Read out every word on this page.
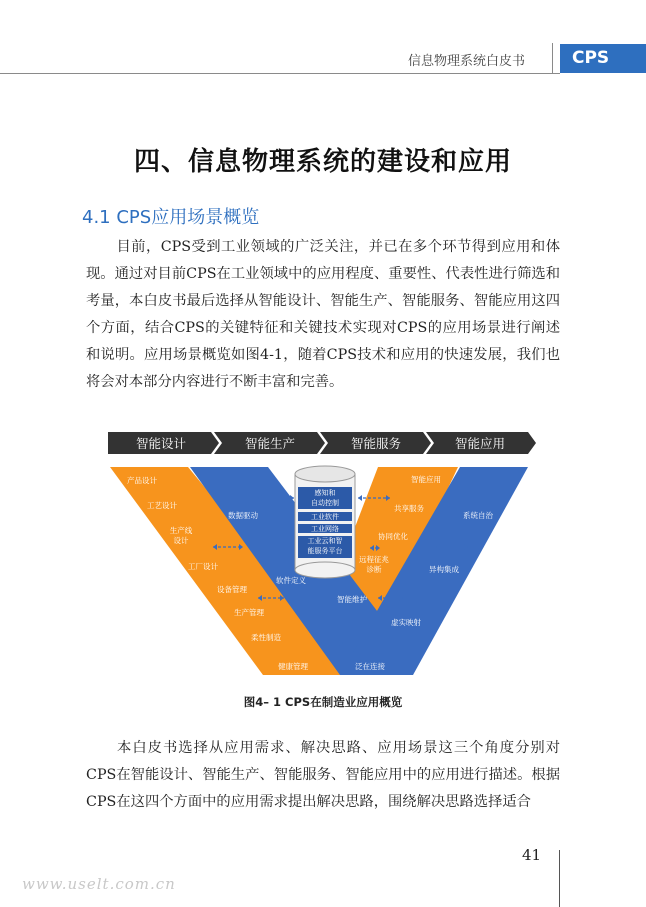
信息物理系统白皮书	CPS
四、信息物理系统的建设和应用
4.1 CPS应用场景概览
目前，CPS受到工业领域的广泛关注，并已在多个环节得到应用和体现。通过对目前CPS在工业领域中的应用程度、重要性、代表性进行筛选和考量，本白皮书最后选择从智能设计、智能生产、智能服务、智能应用这四个方面，结合CPS的关键特征和关键技术实现对CPS的应用场景进行阐述和说明。应用场景概览如图4-1，随着CPS技术和应用的快速发展，我们也将会对本部分内容进行不断丰富和完善。
智能设计	智能生产	智能服务	智能应用
产品设计
工艺设计
生产线设计
工厂设计
设备管理
生产管理
柔性制造
数据驱动
软件定义
感知和自动控制
工业软件
工业网络
工业云和智能服务平台
智能应用
共享服务
协同优化
远程征兆诊断
智能维护
系统自治
异构集成
虚实映射
健康管理	泛在连接
图4– 1 CPS在制造业应用概览
本白皮书选择从应用需求、解决思路、应用场景这三个角度分别对CPS在智能设计、智能生产、智能服务、智能应用中的应用进行描述。根据CPS在这四个方面中的应用需求提出解决思路，围绕解决思路选择适合
41
www.uselt.com.cn
